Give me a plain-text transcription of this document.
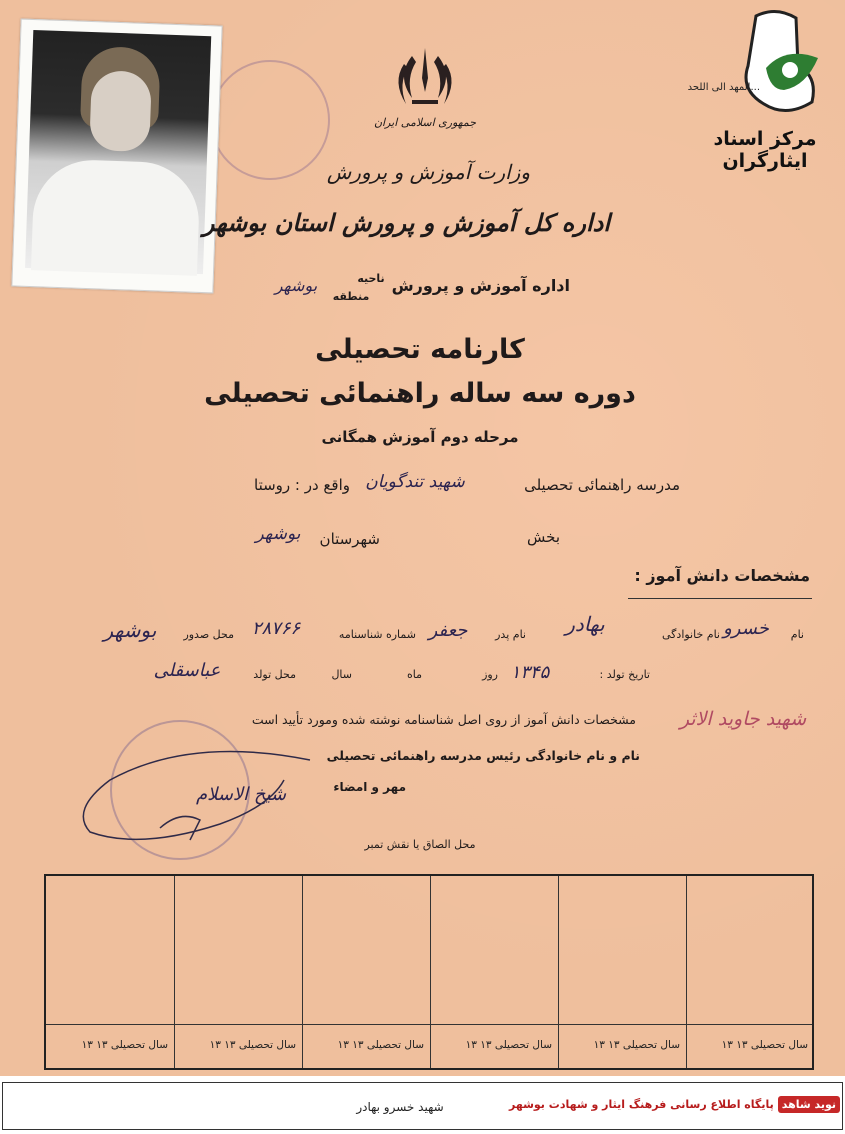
مرکز اسناد ایثارگران
...المهد الی اللحد
جمهوری اسلامی ایران
وزارت آموزش و پرورش
اداره کل آموزش و پرورش استان بوشهر
اداره آموزش و پرورش
ناحیه
منطقه
بوشهر
کارنامه تحصیلی
دوره سه ساله راهنمائی تحصیلی
مرحله دوم آموزش همگانی
مدرسه راهنمائی تحصیلی
شهید تندگویان
واقع در : روستا
بخش
شهرستان
بوشهر
مشخصات دانش آموز :
نام
خسرو
نام خانوادگی
بهادر
نام پدر
جعفر
شماره شناسنامه
۲۸۷۶۶
محل صدور
بوشهر
تاریخ تولد :
۱۳۴۵
روز
ماه
سال
محل تولد
عباسقلی
مشخصات دانش آموز از روی اصل شناسنامه نوشته شده ومورد تأیید است	شهید جاوید الاثر
نام و نام خانوادگی رئیس مدرسه راهنمائی تحصیلی
مهر و امضاء
شیخ الاسلام
محل الصاق یا نقش تمبر
سال تحصیلی ۱۳ ۱۳
سال تحصیلی ۱۳ ۱۳
سال تحصیلی ۱۳ ۱۳
سال تحصیلی ۱۳ ۱۳
سال تحصیلی ۱۳ ۱۳
سال تحصیلی ۱۳ ۱۳
شهید خسرو بهادر	نوید شاهدپایگاه اطلاع رسانی فرهنگ ایثار و شهادت بوشهر
